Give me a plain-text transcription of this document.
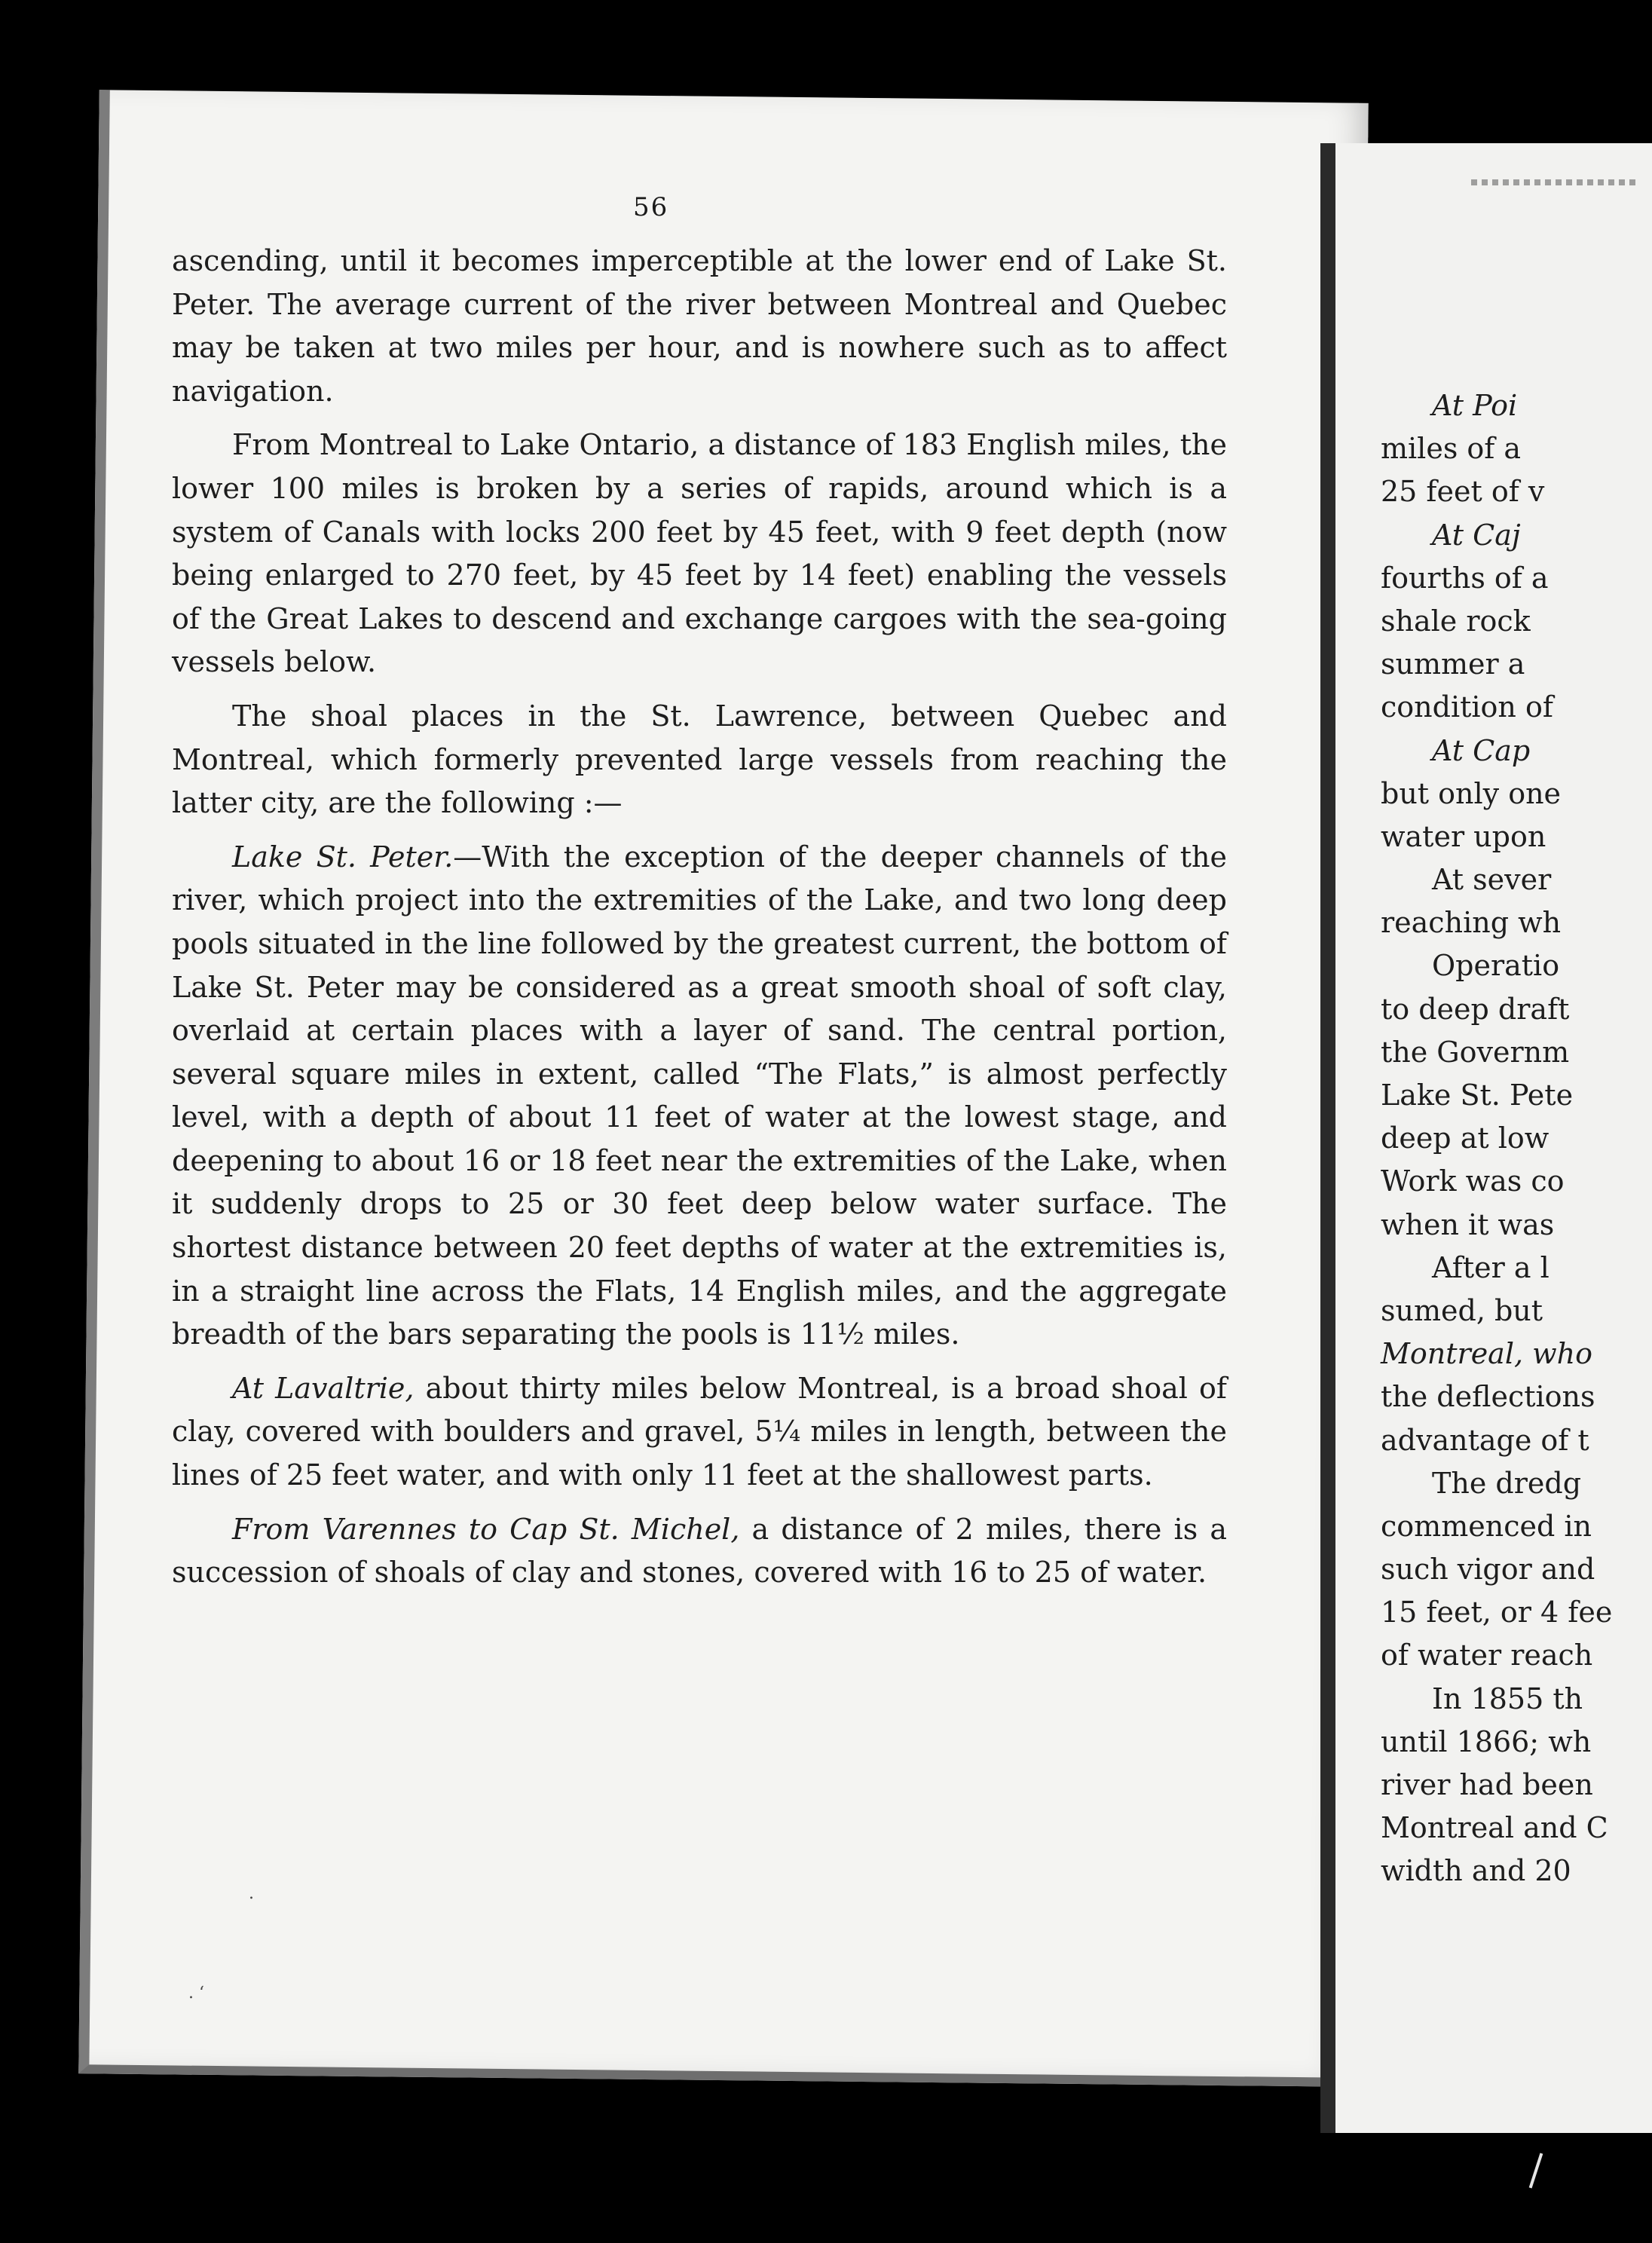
56

ascending, until it becomes imperceptible at the lower end of Lake St. Peter. The average current of the river between Montreal and Quebec may be taken at two miles per hour, and is nowhere such as to affect navigation.

From Montreal to Lake Ontario, a distance of 183 English miles, the lower 100 miles is broken by a series of rapids, around which is a system of Canals with locks 200 feet by 45 feet, with 9 feet depth (now being enlarged to 270 feet, by 45 feet by 14 feet) enabling the vessels of the Great Lakes to descend and exchange cargoes with the sea-going vessels below.

The shoal places in the St. Lawrence, between Quebec and Montreal, which formerly prevented large vessels from reaching the latter city, are the following :—

Lake St. Peter.—With the exception of the deeper channels of the river, which project into the extremities of the Lake, and two long deep pools situated in the line followed by the greatest current, the bottom of Lake St. Peter may be considered as a great smooth shoal of soft clay, overlaid at certain places with a layer of sand. The central portion, several square miles in extent, called “The Flats,” is almost perfectly level, with a depth of about 11 feet of water at the lowest stage, and deepening to about 16 or 18 feet near the extremities of the Lake, when it suddenly drops to 25 or 30 feet deep below water surface. The shortest distance between 20 feet depths of water at the extremities is, in a straight line across the Flats, 14 English miles, and the aggregate breadth of the bars separating the pools is 11½ miles.

At Lavaltrie, about thirty miles below Montreal, is a broad shoal of clay, covered with boulders and gravel, 5¼ miles in length, between the lines of 25 feet water, and with only 11 feet at the shallowest parts.

From Varennes to Cap St. Michel, a distance of 2 miles, there is a succession of shoals of clay and stones, covered with 16 to 25 of water.

.
. ‘
At Poi
miles of a
25 feet of v
At Caj
fourths of a
shale rock
summer a
condition of
At Cap
but only one
water upon
At sever
reaching wh
Operatio
to deep draft
the Governm
Lake St. Pete
deep at low
Work was co
when it was
After a l
sumed, but
Montreal, who
the deflections
advantage of t
The dredg
commenced in
such vigor and
15 feet, or 4 fee
of water reach
In 1855 th
until 1866; wh
river had been
Montreal and C
width and 20
